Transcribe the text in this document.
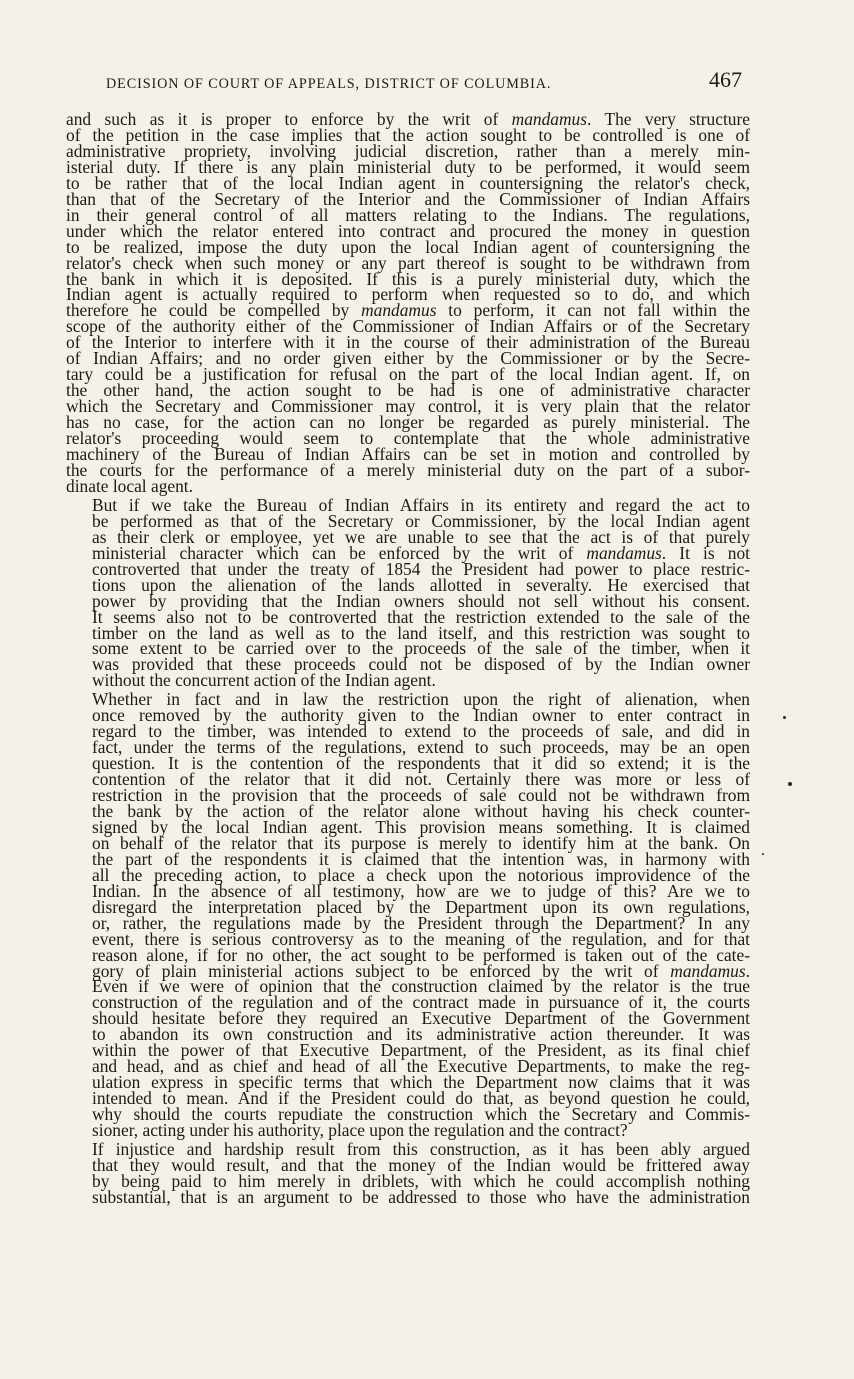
DECISION OF COURT OF APPEALS, DISTRICT OF COLUMBIA.	467

and such as it is proper to enforce by the writ of mandamus. The very structure
of the petition in the case implies that the action sought to be controlled is one of
administrative propriety, involving judicial discretion, rather than a merely min-
isterial duty. If there is any plain ministerial duty to be performed, it would seem
to be rather that of the local Indian agent in countersigning the relator's check,
than that of the Secretary of the Interior and the Commissioner of Indian Affairs
in their general control of all matters relating to the Indians. The regulations,
under which the relator entered into contract and procured the money in question
to be realized, impose the duty upon the local Indian agent of countersigning the
relator's check when such money or any part thereof is sought to be withdrawn from
the bank in which it is deposited. If this is a purely ministerial duty, which the
Indian agent is actually required to perform when requested so to do, and which
therefore he could be compelled by mandamus to perform, it can not fall within the
scope of the authority either of the Commissioner of Indian Affairs or of the Secretary
of the Interior to interfere with it in the course of their administration of the Bureau
of Indian Affairs; and no order given either by the Commissioner or by the Secre-
tary could be a justification for refusal on the part of the local Indian agent. If, on
the other hand, the action sought to be had is one of administrative character
which the Secretary and Commissioner may control, it is very plain that the relator
has no case, for the action can no longer be regarded as purely ministerial. The
relator's proceeding would seem to contemplate that the whole administrative
machinery of the Bureau of Indian Affairs can be set in motion and controlled by
the courts for the performance of a merely ministerial duty on the part of a subor-
dinate local agent.

But if we take the Bureau of Indian Affairs in its entirety and regard the act to
be performed as that of the Secretary or Commissioner, by the local Indian agent
as their clerk or employee, yet we are unable to see that the act is of that purely
ministerial character which can be enforced by the writ of mandamus. It is not
controverted that under the treaty of 1854 the President had power to place restric-
tions upon the alienation of the lands allotted in severalty. He exercised that
power by providing that the Indian owners should not sell without his consent.
It seems also not to be controverted that the restriction extended to the sale of the
timber on the land as well as to the land itself, and this restriction was sought to
some extent to be carried over to the proceeds of the sale of the timber, when it
was provided that these proceeds could not be disposed of by the Indian owner
without the concurrent action of the Indian agent.

Whether in fact and in law the restriction upon the right of alienation, when
once removed by the authority given to the Indian owner to enter contract in
regard to the timber, was intended to extend to the proceeds of sale, and did in
fact, under the terms of the regulations, extend to such proceeds, may be an open
question. It is the contention of the respondents that it did so extend; it is the
contention of the relator that it did not. Certainly there was more or less of
restriction in the provision that the proceeds of sale could not be withdrawn from
the bank by the action of the relator alone without having his check counter-
signed by the local Indian agent. This provision means something. It is claimed
on behalf of the relator that its purpose is merely to identify him at the bank. On
the part of the respondents it is claimed that the intention was, in harmony with
all the preceding action, to place a check upon the notorious improvidence of the
Indian. In the absence of all testimony, how are we to judge of this? Are we to
disregard the interpretation placed by the Department upon its own regulations,
or, rather, the regulations made by the President through the Department? In any
event, there is serious controversy as to the meaning of the regulation, and for that
reason alone, if for no other, the act sought to be performed is taken out of the cate-
gory of plain ministerial actions subject to be enforced by the writ of mandamus.
Even if we were of opinion that the construction claimed by the relator is the true
construction of the regulation and of the contract made in pursuance of it, the courts
should hesitate before they required an Executive Department of the Government
to abandon its own construction and its administrative action thereunder. It was
within the power of that Executive Department, of the President, as its final chief
and head, and as chief and head of all the Executive Departments, to make the reg-
ulation express in specific terms that which the Department now claims that it was
intended to mean. And if the President could do that, as beyond question he could,
why should the courts repudiate the construction which the Secretary and Commis-
sioner, acting under his authority, place upon the regulation and the contract?

If injustice and hardship result from this construction, as it has been ably argued
that they would result, and that the money of the Indian would be frittered away
by being paid to him merely in driblets, with which he could accomplish nothing
substantial, that is an argument to be addressed to those who have the administration
